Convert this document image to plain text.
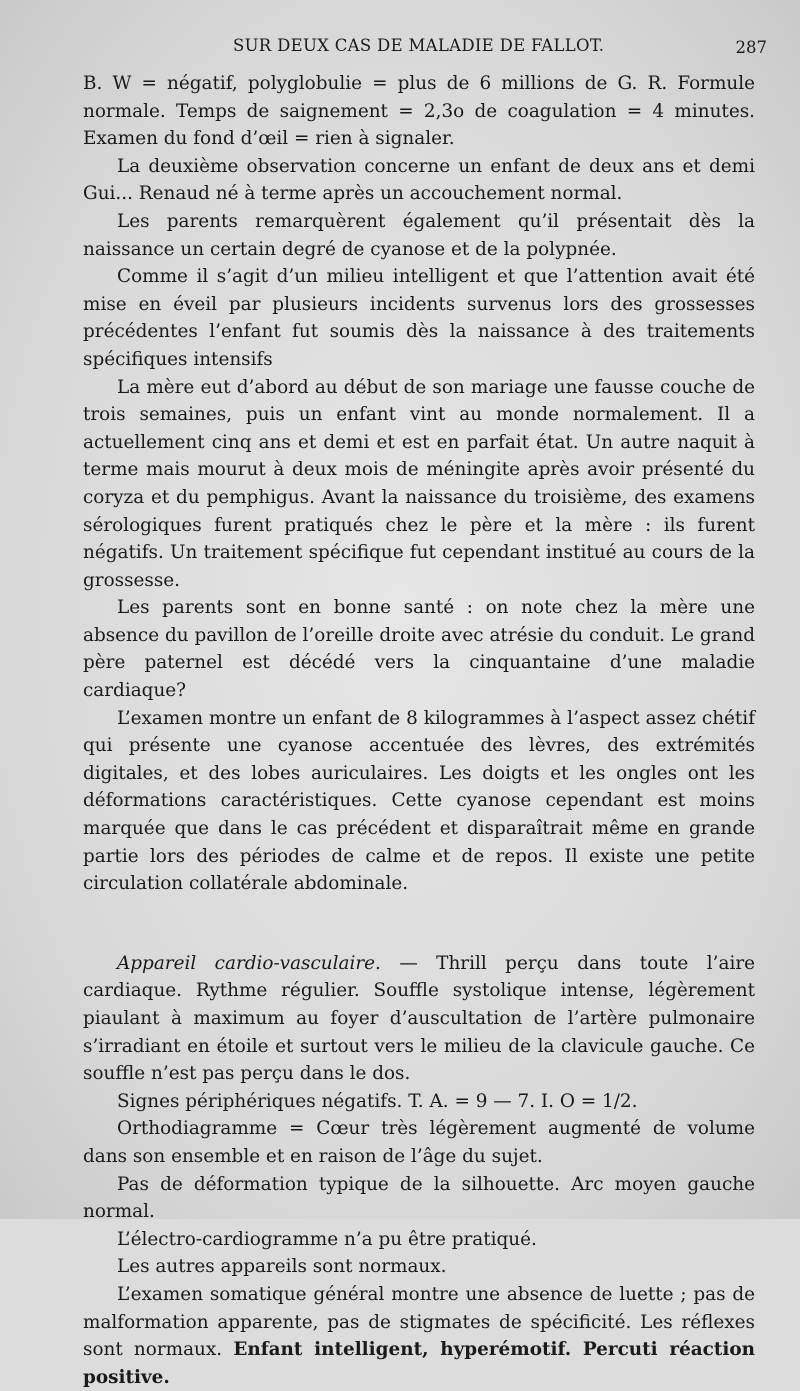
SUR DEUX CAS DE MALADIE DE FALLOT.	287

B. W = négatif, polyglobulie = plus de 6 millions de G. R. Formule normale. Temps de saignement = 2,3o de coagulation = 4 minutes. Examen du fond d’œil = rien à signaler.

La deuxième observation concerne un enfant de deux ans et demi Gui... Renaud né à terme après un accouchement normal.

Les parents remarquèrent également qu’il présentait dès la naissance un certain degré de cyanose et de la polypnée.

Comme il s’agit d’un milieu intelligent et que l’attention avait été mise en éveil par plusieurs incidents survenus lors des grossesses précédentes l’enfant fut soumis dès la naissance à des traitements spécifiques intensifs

La mère eut d’abord au début de son mariage une fausse couche de trois semaines, puis un enfant vint au monde normalement. Il a actuellement cinq ans et demi et est en parfait état. Un autre naquit à terme mais mourut à deux mois de méningite après avoir présenté du coryza et du pemphigus. Avant la naissance du troisième, des examens sérologiques furent pratiqués chez le père et la mère : ils furent négatifs. Un traitement spécifique fut cependant institué au cours de la grossesse.

Les parents sont en bonne santé : on note chez la mère une absence du pavillon de l’oreille droite avec atrésie du conduit. Le grand père paternel est décédé vers la cinquantaine d’une maladie cardiaque?

L’examen montre un enfant de 8 kilogrammes à l’aspect assez chétif qui présente une cyanose accentuée des lèvres, des extrémités digitales, et des lobes auriculaires. Les doigts et les ongles ont les déformations caractéristiques. Cette cyanose cependant est moins marquée que dans le cas précédent et disparaîtrait même en grande partie lors des périodes de calme et de repos. Il existe une petite circulation collatérale abdominale.

Appareil cardio-vasculaire. — Thrill perçu dans toute l’aire cardiaque. Rythme régulier. Souffle systolique intense, légèrement piaulant à maximum au foyer d’auscultation de l’artère pulmonaire s’irradiant en étoile et surtout vers le milieu de la clavicule gauche. Ce souffle n’est pas perçu dans le dos.

Signes périphériques négatifs. T. A. = 9 — 7. I. O = 1/2.

Orthodiagramme = Cœur très légèrement augmenté de volume dans son ensemble et en raison de l’âge du sujet.

Pas de déformation typique de la silhouette. Arc moyen gauche normal.

L’électro-cardiogramme n’a pu être pratiqué.

Les autres appareils sont normaux.

L’examen somatique général montre une absence de luette ; pas de malformation apparente, pas de stigmates de spécificité. Les réflexes sont normaux. Enfant intelligent, hyperémotif. Percuti réaction positive.
